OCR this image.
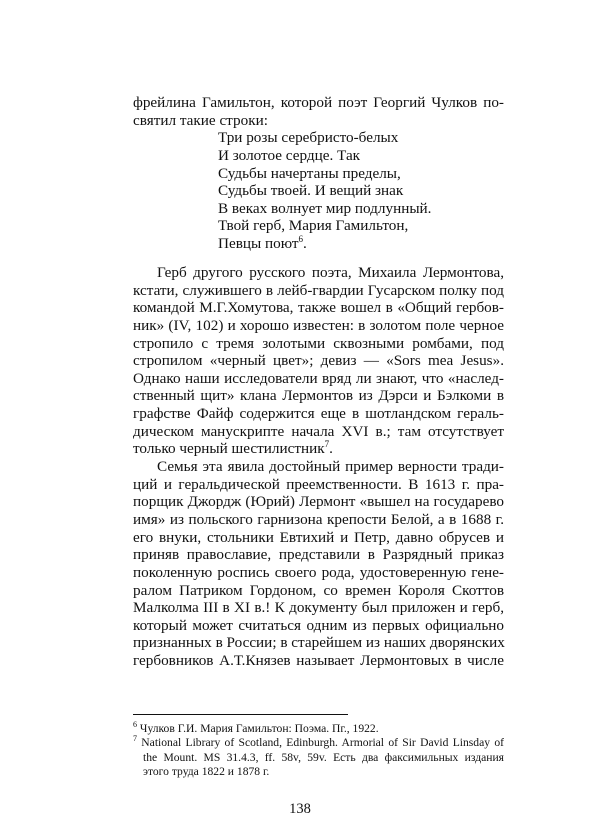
фрейлина Гамильтон, которой поэт Георгий Чулков по-
святил такие строки:
Три розы серебристо-белых
И золотое сердце. Так
Судьбы начертаны пределы,
Судьбы твоей. И вещий знак
В веках волнует мир подлунный.
Твой герб, Мария Гамильтон,
Певцы поют$^6$.
Герб другого русского поэта, Михаила Лермонтова,
кстати, служившего в лейб-гвардии Гусарском полку под
командой М.Г.Хомутова, также вошел в «Общий гербов-
ник» (IV, 102) и хорошо известен: в золотом поле черное
стропило с тремя золотыми сквозными ромбами, под
стропилом «черный цвет»; девиз — «Sors mea Jesus».
Однако наши исследователи вряд ли знают, что «наслед-
ственный щит» клана Лермонтов из Дэрси и Бэлкоми в
графстве Файф содержится еще в шотландском гераль-
дическом манускрипте начала XVI в.; там отсутствует
только черный шестилистник$^7$.
Семья эта явила достойный пример верности тради-
ций и геральдической преемственности. В 1613 г. пра-
порщик Джордж (Юрий) Лермонт «вышел на государево
имя» из польского гарнизона крепости Белой, а в 1688 г.
его внуки, стольники Евтихий и Петр, давно обрусев и
приняв православие, представили в Разрядный приказ
поколенную роспись своего рода, удостоверенную гене-
ралом Патриком Гордоном, со времен Короля Скоттов
Малколма III в XI в.! К документу был приложен и герб,
который может считаться одним из первых официально
признанных в России; в старейшем из наших дворянских
гербовников А.Т.Князев называет Лермонтовых в числе
$^6$ Чулков Г.И. Мария Гамильтон: Поэма. Пг., 1922.
$^7$ National Library of Scotland, Edinburgh. Armorial of Sir David Linsday of
the Mount. MS 31.4.3, ff. 58v, 59v. Есть два факсимильных издания
этого труда 1822 и 1878 г.
138
